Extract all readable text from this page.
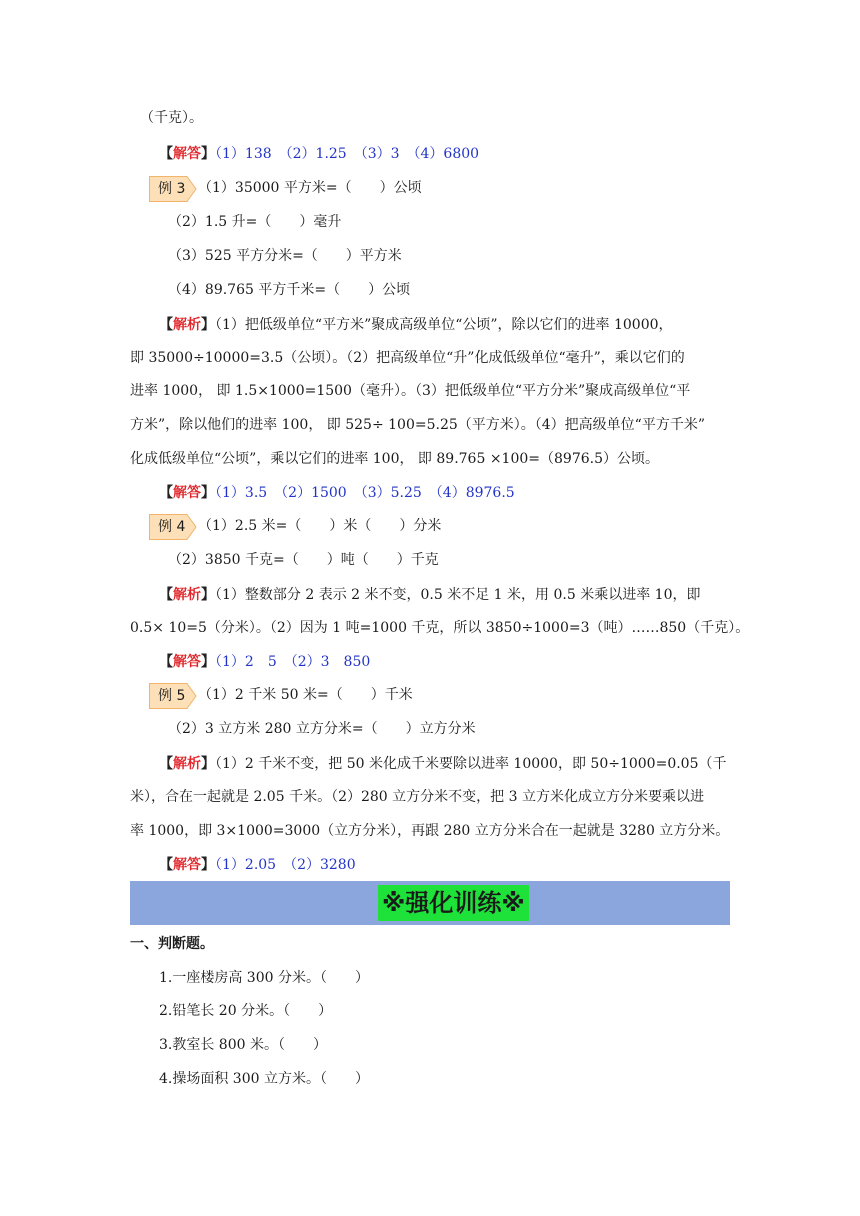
（千克）。
【解答】（1）138　（2）1.25　（3）3　（4）6800
例 3 （1）35000 平方米=（　　）公顷
（2）1.5 升=（　　）毫升
（3）525 平方分米=（　　）平方米
（4）89.765 平方千米=（　　）公顷
【解析】（1）把低级单位“平方米”聚成高级单位“公顷”，除以它们的进率 10000，
即 35000÷10000=3.5（公顷）。（2）把高级单位“升”化成低级单位“毫升”，乘以它们的
进率 1000， 即 1.5×1000=1500（毫升）。（3）把低级单位“平方分米”聚成高级单位“平
方米”，除以他们的进率 100， 即 525÷ 100=5.25（平方米）。（4）把高级单位“平方千米”
化成低级单位“公顷”，乘以它们的进率 100， 即 89.765 ×100=（8976.5）公顷。
【解答】（1）3.5　（2）1500　（3）5.25　（4）8976.5
例 4 （1）2.5 米=（　　）米（　　）分米
（2）3850 千克=（　　）吨（　　）千克
【解析】（1）整数部分 2 表示 2 米不变，0.5 米不足 1 米，用 0.5 米乘以进率 10，即
0.5× 10=5（分米）。（2）因为 1 吨=1000 千克，所以 3850÷1000=3（吨）……850（千克）。
【解答】（1）2　5　（2）3　850
例 5 （1）2 千米 50 米=（　　）千米
（2）3 立方米 280 立方分米=（　　）立方分米
【解析】（1）2 千米不变，把 50 米化成千米要除以进率 10000，即 50÷1000=0.05（千
米），合在一起就是 2.05 千米。（2）280 立方分米不变，把 3 立方米化成立方分米要乘以进
率 1000，即 3×1000=3000（立方分米），再跟 280 立方分米合在一起就是 3280 立方分米。
【解答】（1）2.05　（2）3280
※强化训练※
一、判断题。
1.一座楼房高 300 分米。（　　）
2.铅笔长 20 分米。（　　）
3.教室长 800 米。（　　）
4.操场面积 300 立方米。（　　）
